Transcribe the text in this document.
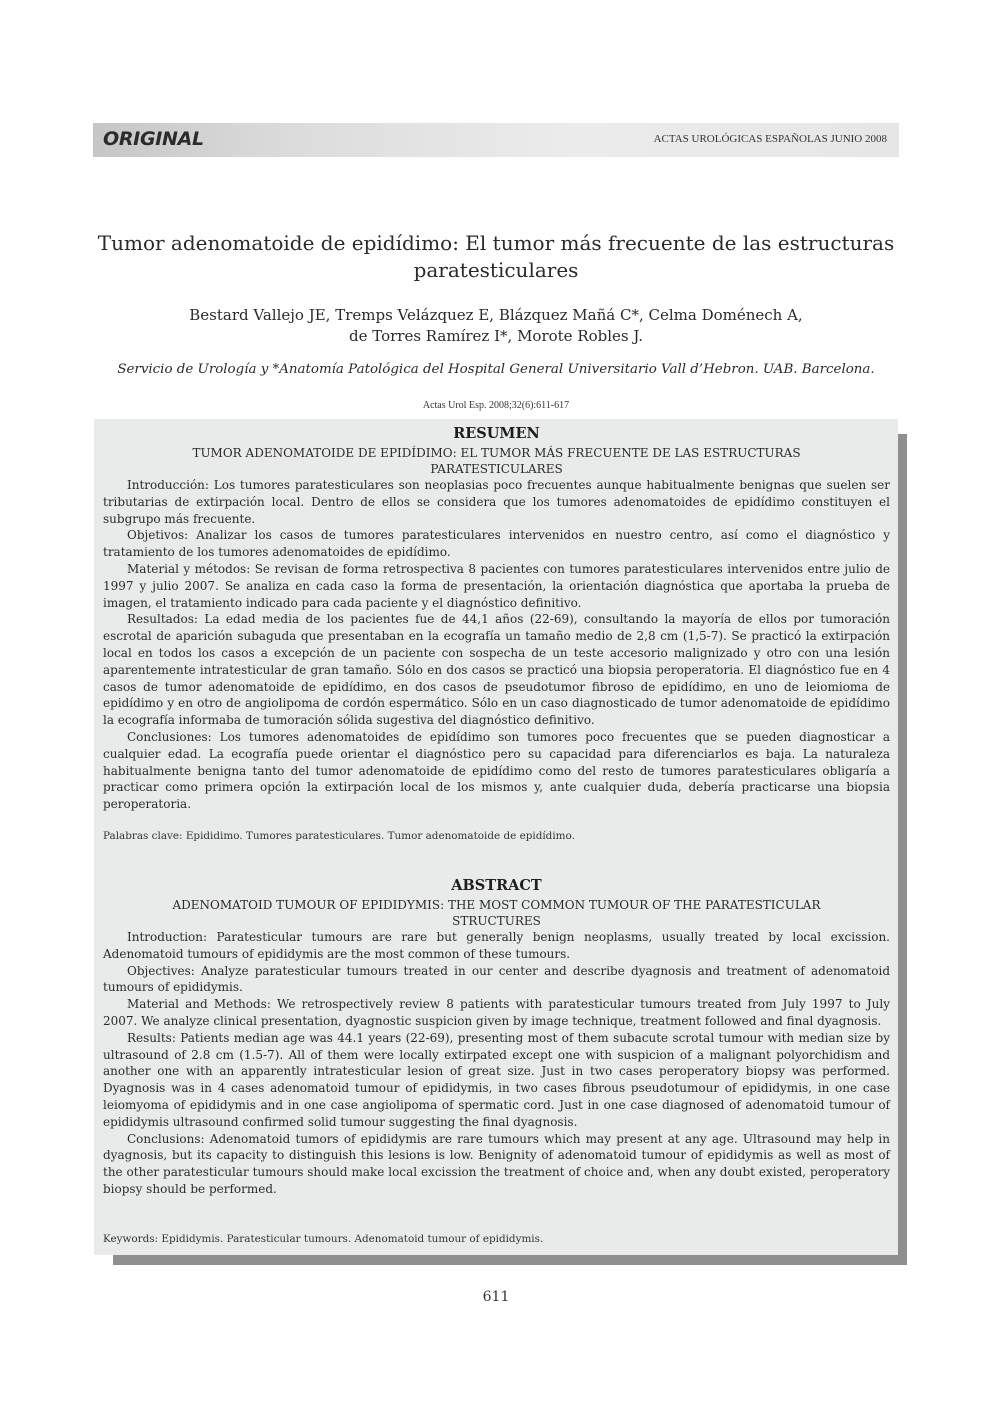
ORIGINAL	ACTAS UROLÓGICAS ESPAÑOLAS JUNIO 2008
Tumor adenomatoide de epidídimo: El tumor más frecuente de las estructuras paratesticulares
Bestard Vallejo JE, Tremps Velázquez E, Blázquez Mañá C*, Celma Doménech A,
de Torres Ramírez I*, Morote Robles J.
Servicio de Urología y *Anatomía Patológica del Hospital General Universitario Vall d’Hebron. UAB. Barcelona.
Actas Urol Esp. 2008;32(6):611-617
RESUMEN
TUMOR ADENOMATOIDE DE EPIDÍDIMO: EL TUMOR MÁS FRECUENTE DE LAS ESTRUCTURAS PARATESTICULARES

Introducción: Los tumores paratesticulares son neoplasias poco frecuentes aunque habitualmente benignas que suelen ser tributarias de extirpación local. Dentro de ellos se considera que los tumores adenomatoides de epidídimo constituyen el subgrupo más frecuente.

Objetivos: Analizar los casos de tumores paratesticulares intervenidos en nuestro centro, así como el diagnóstico y tratamiento de los tumores adenomatoides de epidídimo.

Material y métodos: Se revisan de forma retrospectiva 8 pacientes con tumores paratesticulares intervenidos entre julio de 1997 y julio 2007. Se analiza en cada caso la forma de presentación, la orientación diagnóstica que aportaba la prueba de imagen, el tratamiento indicado para cada paciente y el diagnóstico definitivo.

Resultados: La edad media de los pacientes fue de 44,1 años (22-69), consultando la mayoría de ellos por tumoración escrotal de aparición subaguda que presentaban en la ecografía un tamaño medio de 2,8 cm (1,5-7). Se practicó la extirpación local en todos los casos a excepción de un paciente con sospecha de un teste accesorio malignizado y otro con una lesión aparentemente intratesticular de gran tamaño. Sólo en dos casos se practicó una biopsia peroperatoria. El diagnóstico fue en 4 casos de tumor adenomatoide de epidídimo, en dos casos de pseudotumor fibroso de epidídimo, en uno de leiomioma de epidídimo y en otro de angiolipoma de cordón espermático. Sólo en un caso diagnosticado de tumor adenomatoide de epidídimo la ecografía informaba de tumoración sólida sugestiva del diagnóstico definitivo.

Conclusiones: Los tumores adenomatoides de epidídimo son tumores poco frecuentes que se pueden diagnosticar a cualquier edad. La ecografía puede orientar el diagnóstico pero su capacidad para diferenciarlos es baja. La naturaleza habitualmente benigna tanto del tumor adenomatoide de epidídimo como del resto de tumores paratesticulares obligaría a practicar como primera opción la extirpación local de los mismos y, ante cualquier duda, debería practicarse una biopsia peroperatoria.

Palabras clave: Epididimo. Tumores paratesticulares. Tumor adenomatoide de epidídimo.
ABSTRACT
ADENOMATOID TUMOUR OF EPIDIDYMIS: THE MOST COMMON TUMOUR OF THE PARATESTICULAR STRUCTURES

Introduction: Paratesticular tumours are rare but generally benign neoplasms, usually treated by local excission. Adenomatoid tumours of epididymis are the most common of these tumours.

Objectives: Analyze paratesticular tumours treated in our center and describe dyagnosis and treatment of adenomatoid tumours of epididymis.

Material and Methods: We retrospectively review 8 patients with paratesticular tumours treated from July 1997 to July 2007. We analyze clinical presentation, dyagnostic suspicion given by image technique, treatment followed and final dyagnosis.

Results: Patients median age was 44.1 years (22-69), presenting most of them subacute scrotal tumour with median size by ultrasound of 2.8 cm (1.5-7). All of them were locally extirpated except one with suspicion of a malignant polyorchidism and another one with an apparently intratesticular lesion of great size. Just in two cases peroperatory biopsy was performed. Dyagnosis was in 4 cases adenomatoid tumour of epididymis, in two cases fibrous pseudotumour of epididymis, in one case leiomyoma of epididymis and in one case angiolipoma of spermatic cord. Just in one case diagnosed of adenomatoid tumour of epididymis ultrasound confirmed solid tumour suggesting the final dyagnosis.

Conclusions: Adenomatoid tumors of epididymis are rare tumours which may present at any age. Ultrasound may help in dyagnosis, but its capacity to distinguish this lesions is low. Benignity of adenomatoid tumour of epididymis as well as most of the other paratesticular tumours should make local excission the treatment of choice and, when any doubt existed, peroperatory biopsy should be performed.

Keywords: Epididymis. Paratesticular tumours. Adenomatoid tumour of epididymis.
611
